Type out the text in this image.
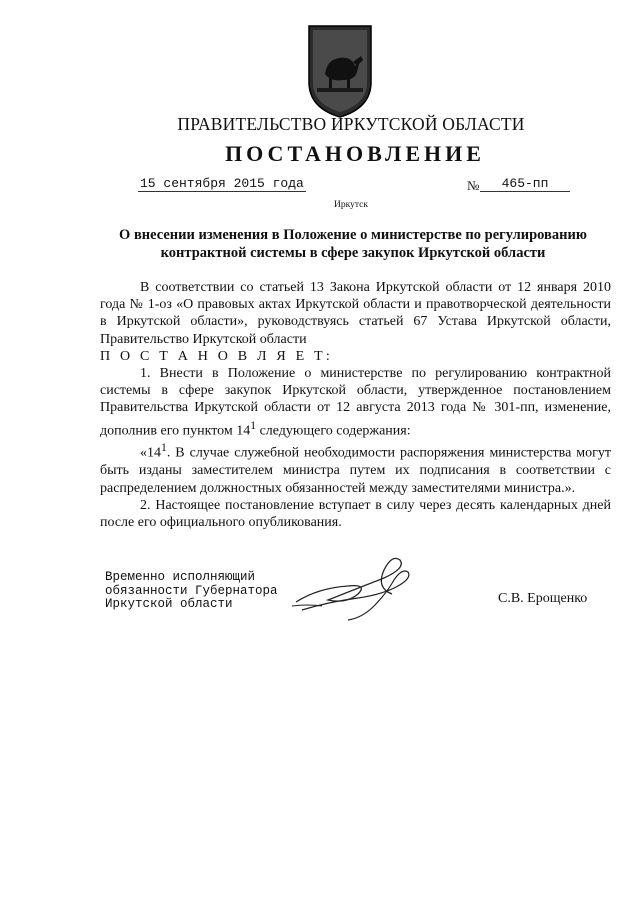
ПРАВИТЕЛЬСТВО ИРКУТСКОЙ ОБЛАСТИ
ПОСТАНОВЛЕНИЕ
15 сентября 2015 года	№	465-пп
Иркутск
О внесении изменения в Положение о министерстве по регулированию
контрактной системы в сфере закупок Иркутской области

В соответствии со статьей 13 Закона Иркутской области от 12 января 2010 года № 1-оз «О правовых актах Иркутской области и правотворческой деятельности в Иркутской области», руководствуясь статьей 67 Устава Иркутской области, Правительство Иркутской области

П О С Т А Н О В Л Я Е Т:

1. Внести в Положение о министерстве по регулированию контрактной системы в сфере закупок Иркутской области, утвержденное постановлением Правительства Иркутской области от 12 августа 2013 года № 301-пп, изменение, дополнив его пунктом $14^1$ следующего содержания:

«$14^1$. В случае служебной необходимости распоряжения министерства могут быть изданы заместителем министра путем их подписания в соответствии с распределением должностных обязанностей между заместителями министра.».

2. Настоящее постановление вступает в силу через десять календарных дней после его официального опубликования.

Временно исполняющий
обязанности Губернатора
Иркутской области	С.В. Ерощенко
